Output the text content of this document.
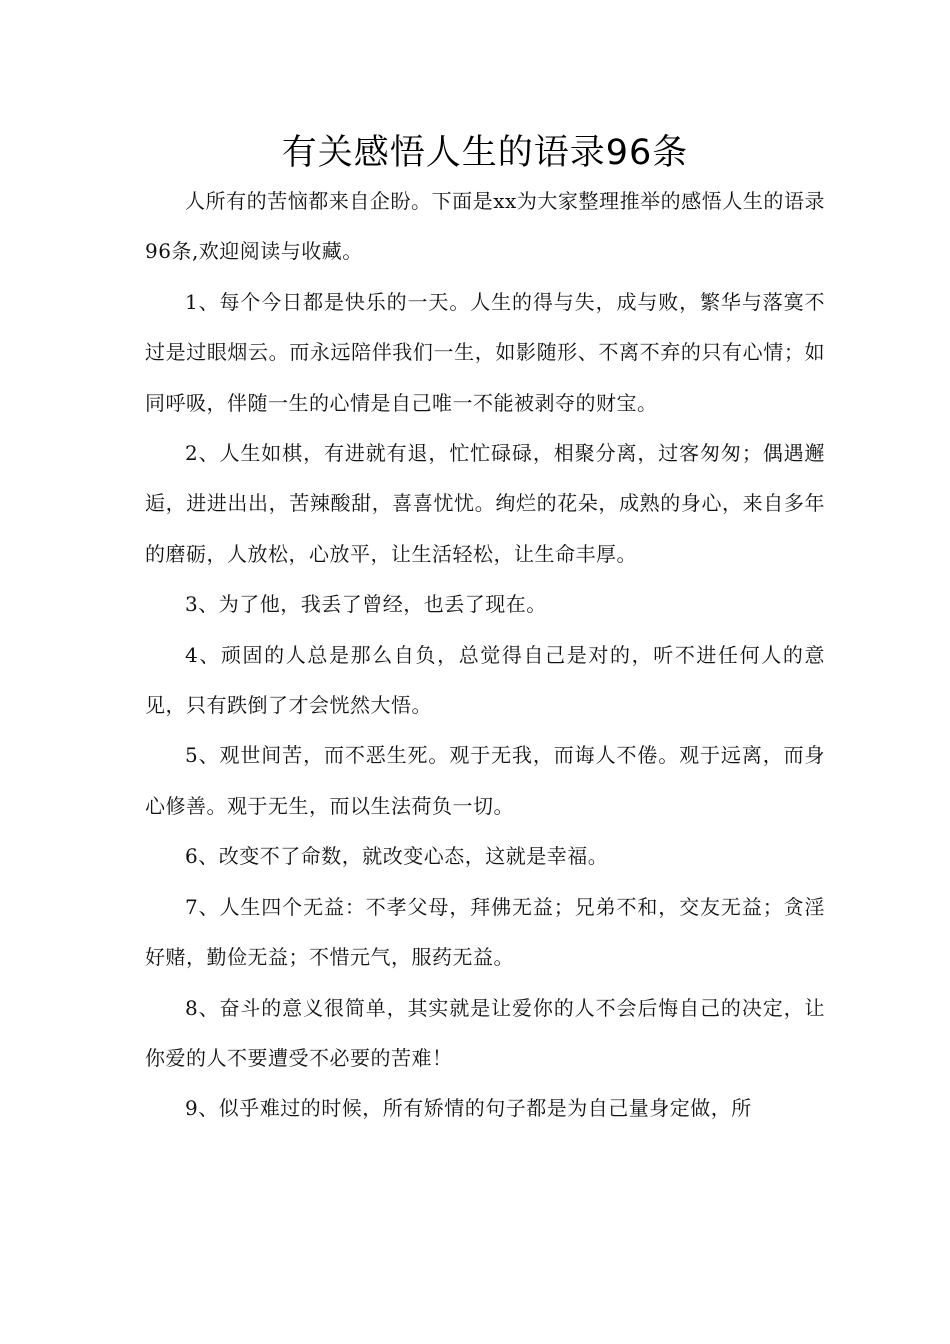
有关感悟人生的语录96条

人所有的苦恼都来自企盼。下面是xx为大家整理推举的感悟人生的语录96条,欢迎阅读与收藏。

1、每个今日都是快乐的一天。人生的得与失，成与败，繁华与落寞不过是过眼烟云。而永远陪伴我们一生，如影随形、不离不弃的只有心情；如同呼吸，伴随一生的心情是自己唯一不能被剥夺的财宝。

2、人生如棋，有进就有退，忙忙碌碌，相聚分离，过客匆匆；偶遇邂逅，进进出出，苦辣酸甜，喜喜忧忧。绚烂的花朵，成熟的身心，来自多年的磨砺，人放松，心放平，让生活轻松，让生命丰厚。

3、为了他，我丢了曾经，也丢了现在。

4、顽固的人总是那么自负，总觉得自己是对的，听不进任何人的意见，只有跌倒了才会恍然大悟。

5、观世间苦，而不恶生死。观于无我，而诲人不倦。观于远离，而身心修善。观于无生，而以生法荷负一切。

6、改变不了命数，就改变心态，这就是幸福。

7、人生四个无益：不孝父母，拜佛无益；兄弟不和，交友无益；贪淫好赌，勤俭无益；不惜元气，服药无益。

8、奋斗的意义很简单，其实就是让爱你的人不会后悔自己的决定，让你爱的人不要遭受不必要的苦难！

9、似乎难过的时候，所有矫情的句子都是为自己量身定做，所
